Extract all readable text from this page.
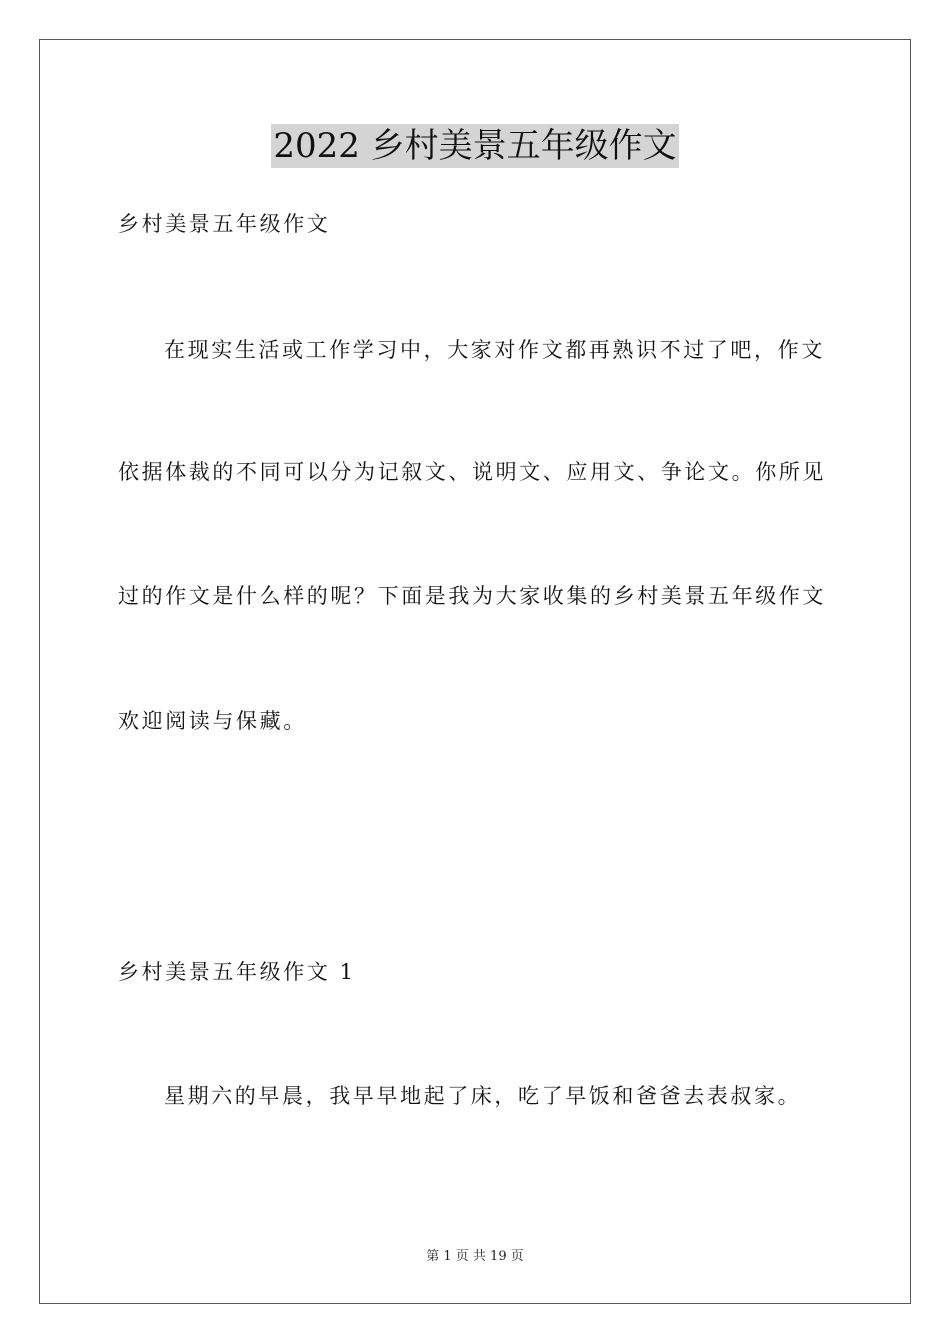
2022 乡村美景五年级作文
乡村美景五年级作文
在现实生活或工作学习中，大家对作文都再熟识不过了吧，作文
依据体裁的不同可以分为记叙文、说明文、应用文、争论文。你所见
过的作文是什么样的呢？下面是我为大家收集的乡村美景五年级作文
欢迎阅读与保藏。
乡村美景五年级作文 1
星期六的早晨，我早早地起了床，吃了早饭和爸爸去表叔家。
第 1 页 共 19 页
